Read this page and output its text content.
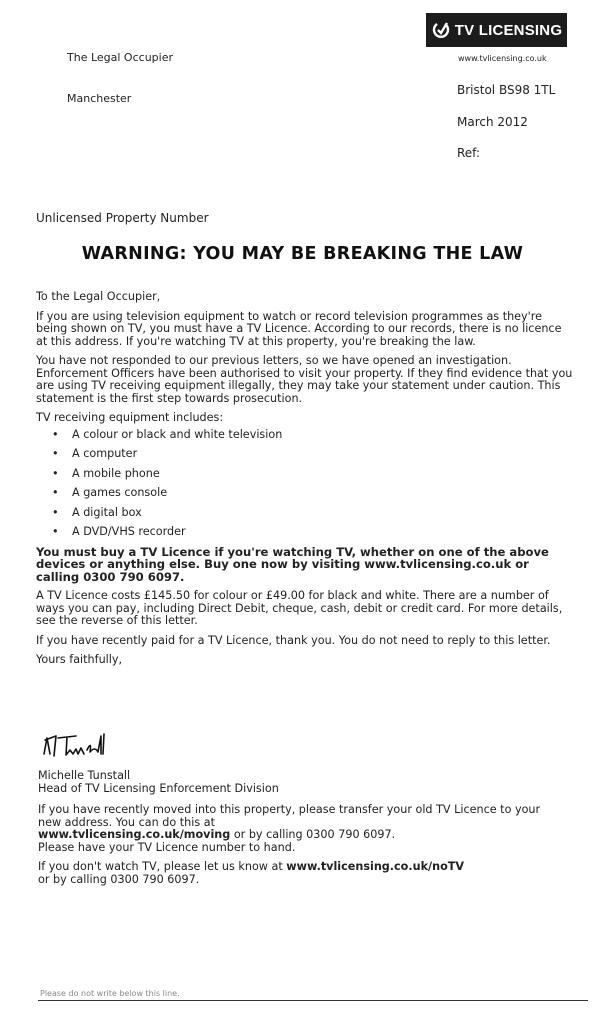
TV LICENSING
www.tvlicensing.co.uk
The Legal Occupier
Manchester
Bristol BS98 1TL
March 2012
Ref:
Unlicensed Property Number
WARNING: YOU MAY BE BREAKING THE LAW

To the Legal Occupier,

If you are using television equipment to watch or record television programmes as they're being shown on TV, you must have a TV Licence. According to our records, there is no licence at this address. If you're watching TV at this property, you're breaking the law.

You have not responded to our previous letters, so we have opened an investigation. Enforcement Officers have been authorised to visit your property. If they find evidence that you are using TV receiving equipment illegally, they may take your statement under caution. This statement is the first step towards prosecution.

TV receiving equipment includes:

• A colour or black and white television
• A computer
• A mobile phone
• A games console
• A digital box
• A DVD/VHS recorder

You must buy a TV Licence if you're watching TV, whether on one of the above devices or anything else. Buy one now by visiting www.tvlicensing.co.uk or calling 0300 790 6097.

A TV Licence costs £145.50 for colour or £49.00 for black and white. There are a number of ways you can pay, including Direct Debit, cheque, cash, debit or credit card. For more details, see the reverse of this letter.

If you have recently paid for a TV Licence, thank you. You do not need to reply to this letter.

Yours faithfully,

Michelle Tunstall

Head of TV Licensing Enforcement Division

If you have recently moved into this property, please transfer your old TV Licence to your new address. You can do this at
www.tvlicensing.co.uk/moving or by calling 0300 790 6097.
Please have your TV Licence number to hand.

If you don't watch TV, please let us know at www.tvlicensing.co.uk/noTV
or by calling 0300 790 6097.

Please do not write below this line.
